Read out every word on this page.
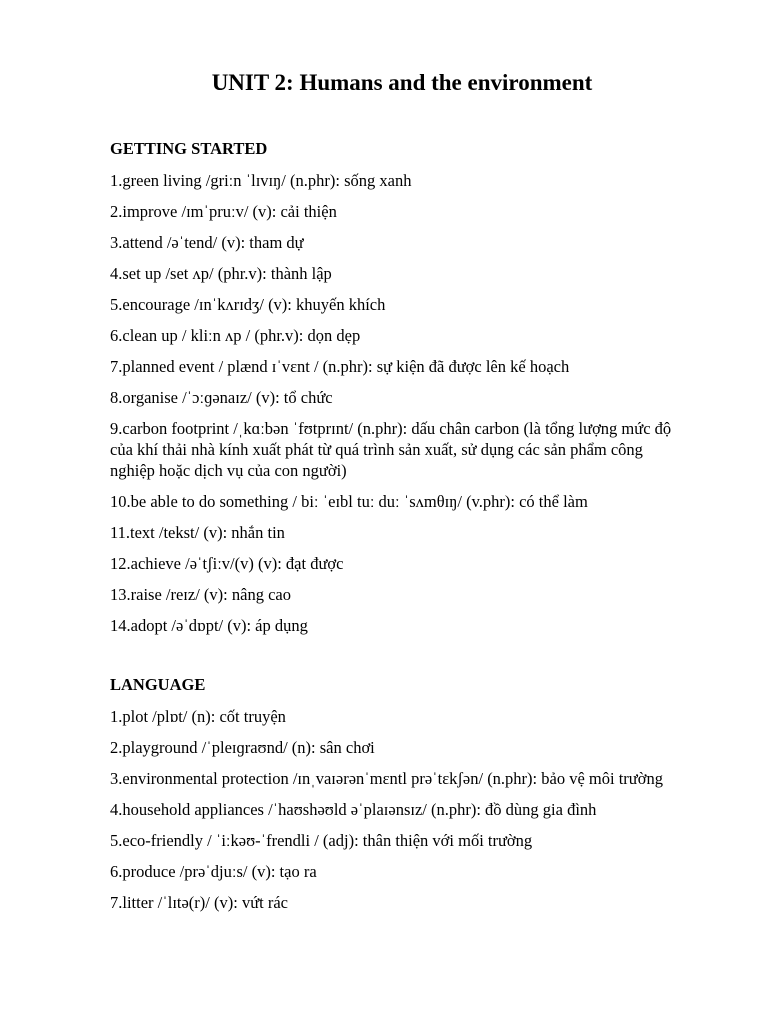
UNIT 2: Humans and the environment
GETTING STARTED
1.green living /griːn ˈlɪvɪŋ/ (n.phr): sống xanh
2.improve /ɪmˈpruːv/ (v): cải thiện
3.attend /əˈtend/ (v): tham dự
4.set up /set ʌp/ (phr.v): thành lập
5.encourage /ɪnˈkʌrɪdʒ/ (v): khuyến khích
6.clean up / kliːn ʌp / (phr.v): dọn dẹp
7.planned event / plænd ɪˈvɛnt / (n.phr): sự kiện đã được lên kế hoạch
8.organise /ˈɔːɡənaɪz/ (v): tổ chức
9.carbon footprint /ˌkɑːbən ˈfʊtprɪnt/ (n.phr): dấu chân carbon (là tổng lượng mức độ của khí thải nhà kính xuất phát từ quá trình sản xuất, sử dụng các sản phẩm công nghiệp hoặc dịch vụ của con người)
10.be able to do something / biː ˈeɪbl tuː duː ˈsʌmθɪŋ/ (v.phr): có thể làm
11.text /tekst/ (v): nhắn tin
12.achieve /əˈtʃiːv/(v) (v): đạt được
13.raise /reɪz/ (v): nâng cao
14.adopt /əˈdɒpt/ (v): áp dụng
LANGUAGE
1.plot /plɒt/ (n): cốt truyện
2.playground /ˈpleɪɡraʊnd/ (n): sân chơi
3.environmental protection /ɪnˌvaɪərənˈmɛntl prəˈtɛkʃən/ (n.phr): bảo vệ môi trường
4.household appliances /ˈhaʊshəʊld əˈplaɪənsɪz/ (n.phr): đồ dùng gia đình
5.eco-friendly / ˈiːkəʊ-ˈfrendli / (adj): thân thiện với mối trường
6.produce /prəˈdjuːs/ (v): tạo ra
7.litter /ˈlɪtə(r)/ (v): vứt rác
